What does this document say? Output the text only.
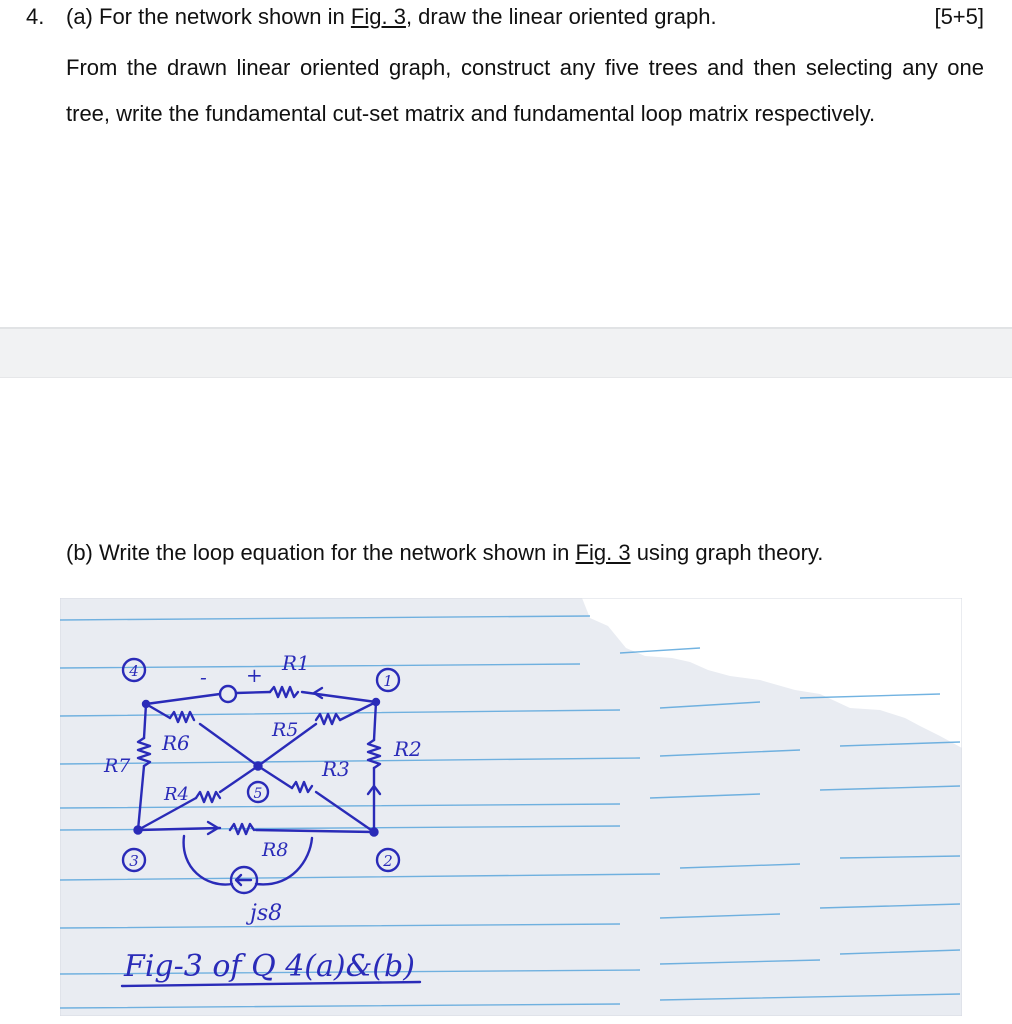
4. (a) For the network shown in Fig. 3, draw the linear oriented graph.	[5+5]
From the drawn linear oriented graph, construct any five trees and then selecting any one tree, write the fundamental cut-set matrix and fundamental loop matrix respectively.
(b) Write the loop equation for the network shown in Fig. 3 using graph theory.
4
1
5
3	2
- + R1
R5
R2
R6
R7
R4
R3
R8
js8
Fig-3 of Q 4(a)&(b)
